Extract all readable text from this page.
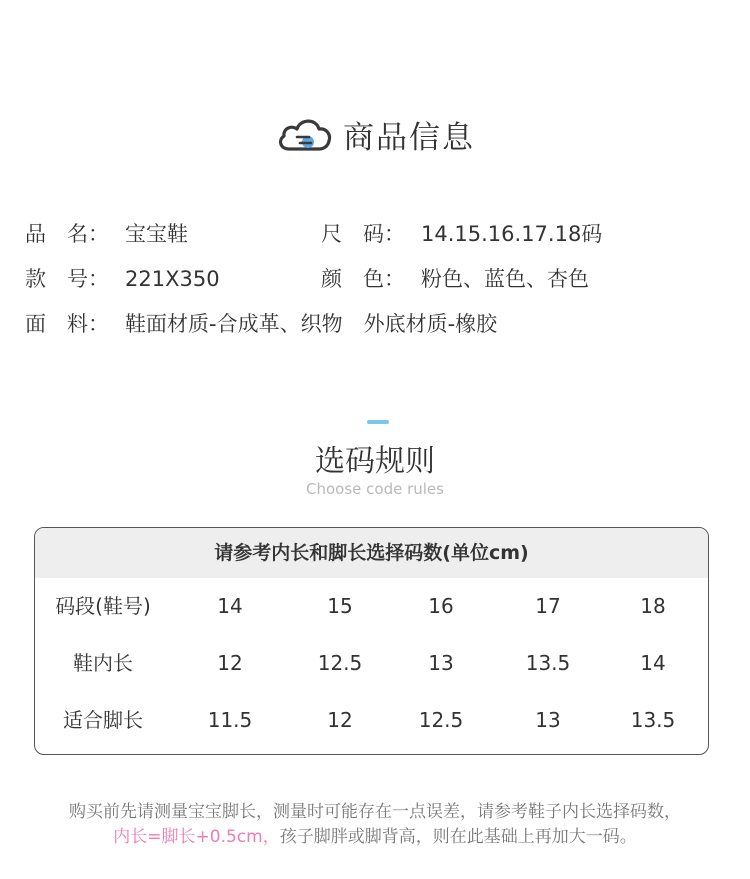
商品信息
品　名： 宝宝鞋	尺　码： 14.15.16.17.18码
款　号： 221X350	颜　色： 粉色、蓝色、杏色
面　料： 鞋面材质-合成革、织物　外底材质-橡胶
选码规则
Choose code rules
请参考内长和脚长选择码数(单位cm)
码段(鞋号)	14	15	16	17	18
鞋内长	12	12.5	13	13.5	14
适合脚长	11.5	12	12.5	13	13.5
购买前先请测量宝宝脚长，测量时可能存在一点误差，请参考鞋子内长选择码数，
内长=脚长+0.5cm，孩子脚胖或脚背高，则在此基础上再加大一码。
